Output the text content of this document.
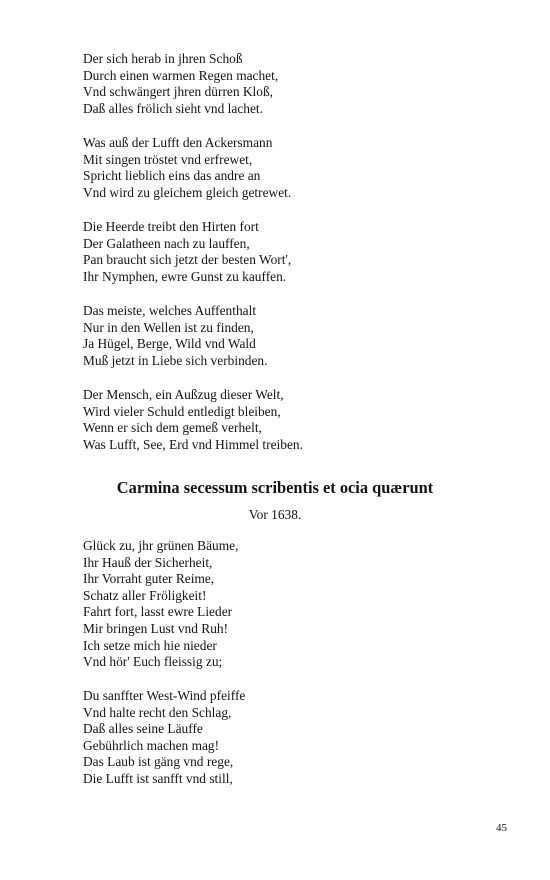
Der sich herab in jhren Schoß
Durch einen warmen Regen machet,
Vnd schwängert jhren dürren Kloß,
Daß alles frölich sieht vnd lachet.
Was auß der Lufft den Ackersmann
Mit singen tröstet vnd erfrewet,
Spricht lieblich eins das andre an
Vnd wird zu gleichem gleich getrewet.
Die Heerde treibt den Hirten fort
Der Galatheen nach zu lauffen,
Pan braucht sich jetzt der besten Wort',
Ihr Nymphen, ewre Gunst zu kauffen.
Das meiste, welches Auffenthalt
Nur in den Wellen ist zu finden,
Ja Hügel, Berge, Wild vnd Wald
Muß jetzt in Liebe sich verbinden.
Der Mensch, ein Außzug dieser Welt,
Wird vieler Schuld entledigt bleiben,
Wenn er sich dem gemeß verhelt,
Was Lufft, See, Erd vnd Himmel treiben.
Carmina secessum scribentis et ocia quærunt
Vor 1638.
Glück zu, jhr grünen Bäume,
Ihr Hauß der Sicherheit,
Ihr Vorraht guter Reime,
Schatz aller Fröligkeit!
Fahrt fort, lasst ewre Lieder
Mir bringen Lust vnd Ruh!
Ich setze mich hie nieder
Vnd hör' Euch fleissig zu;
Du sanffter West-Wind pfeiffe
Vnd halte recht den Schlag,
Daß alles seine Läuffe
Gebührlich machen mag!
Das Laub ist gäng vnd rege,
Die Lufft ist sanfft vnd still,
45
